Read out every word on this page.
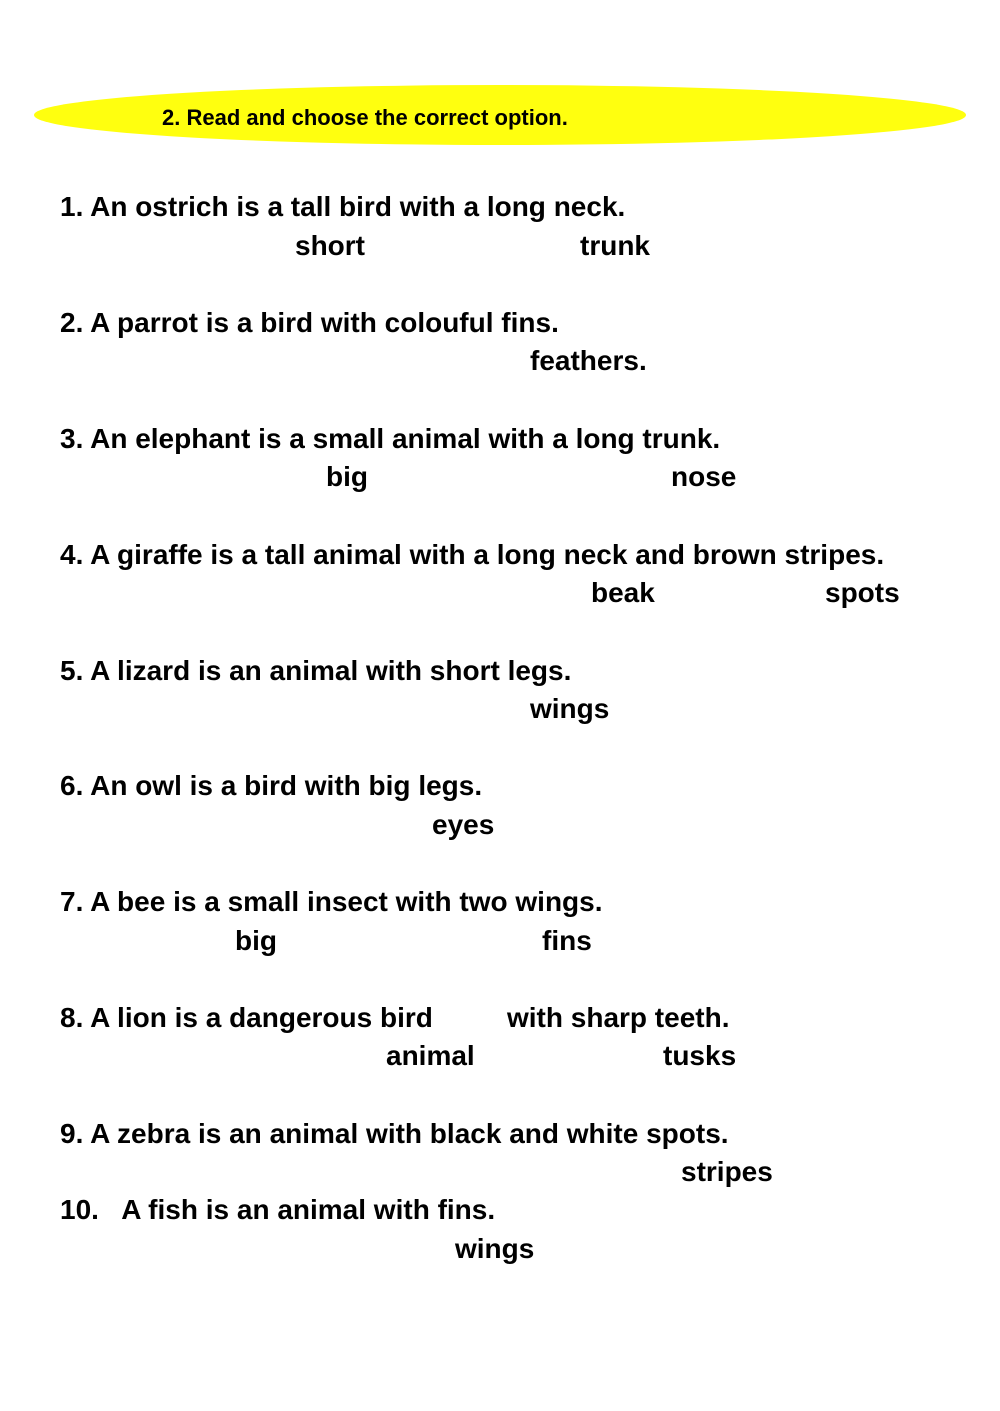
2. Read and choose the correct option.
1. An ostrich is a tall bird with a long neck.
short	trunk
2. A parrot is a bird with colouful fins.
feathers.
3. An elephant is a small animal with a long trunk.
big	nose
4. A giraffe is a tall animal with a long neck and brown stripes.
beak	spots
5. A lizard is an animal with short legs.
wings
6. An owl is a bird with big legs.
eyes
7. A bee is a small insect with two wings.
big	fins
8. A lion is a dangerous bird	with sharp teeth.
animal	tusks
9. A zebra is an animal with black and white spots.
stripes
10.   A fish is an animal with fins.
wings
